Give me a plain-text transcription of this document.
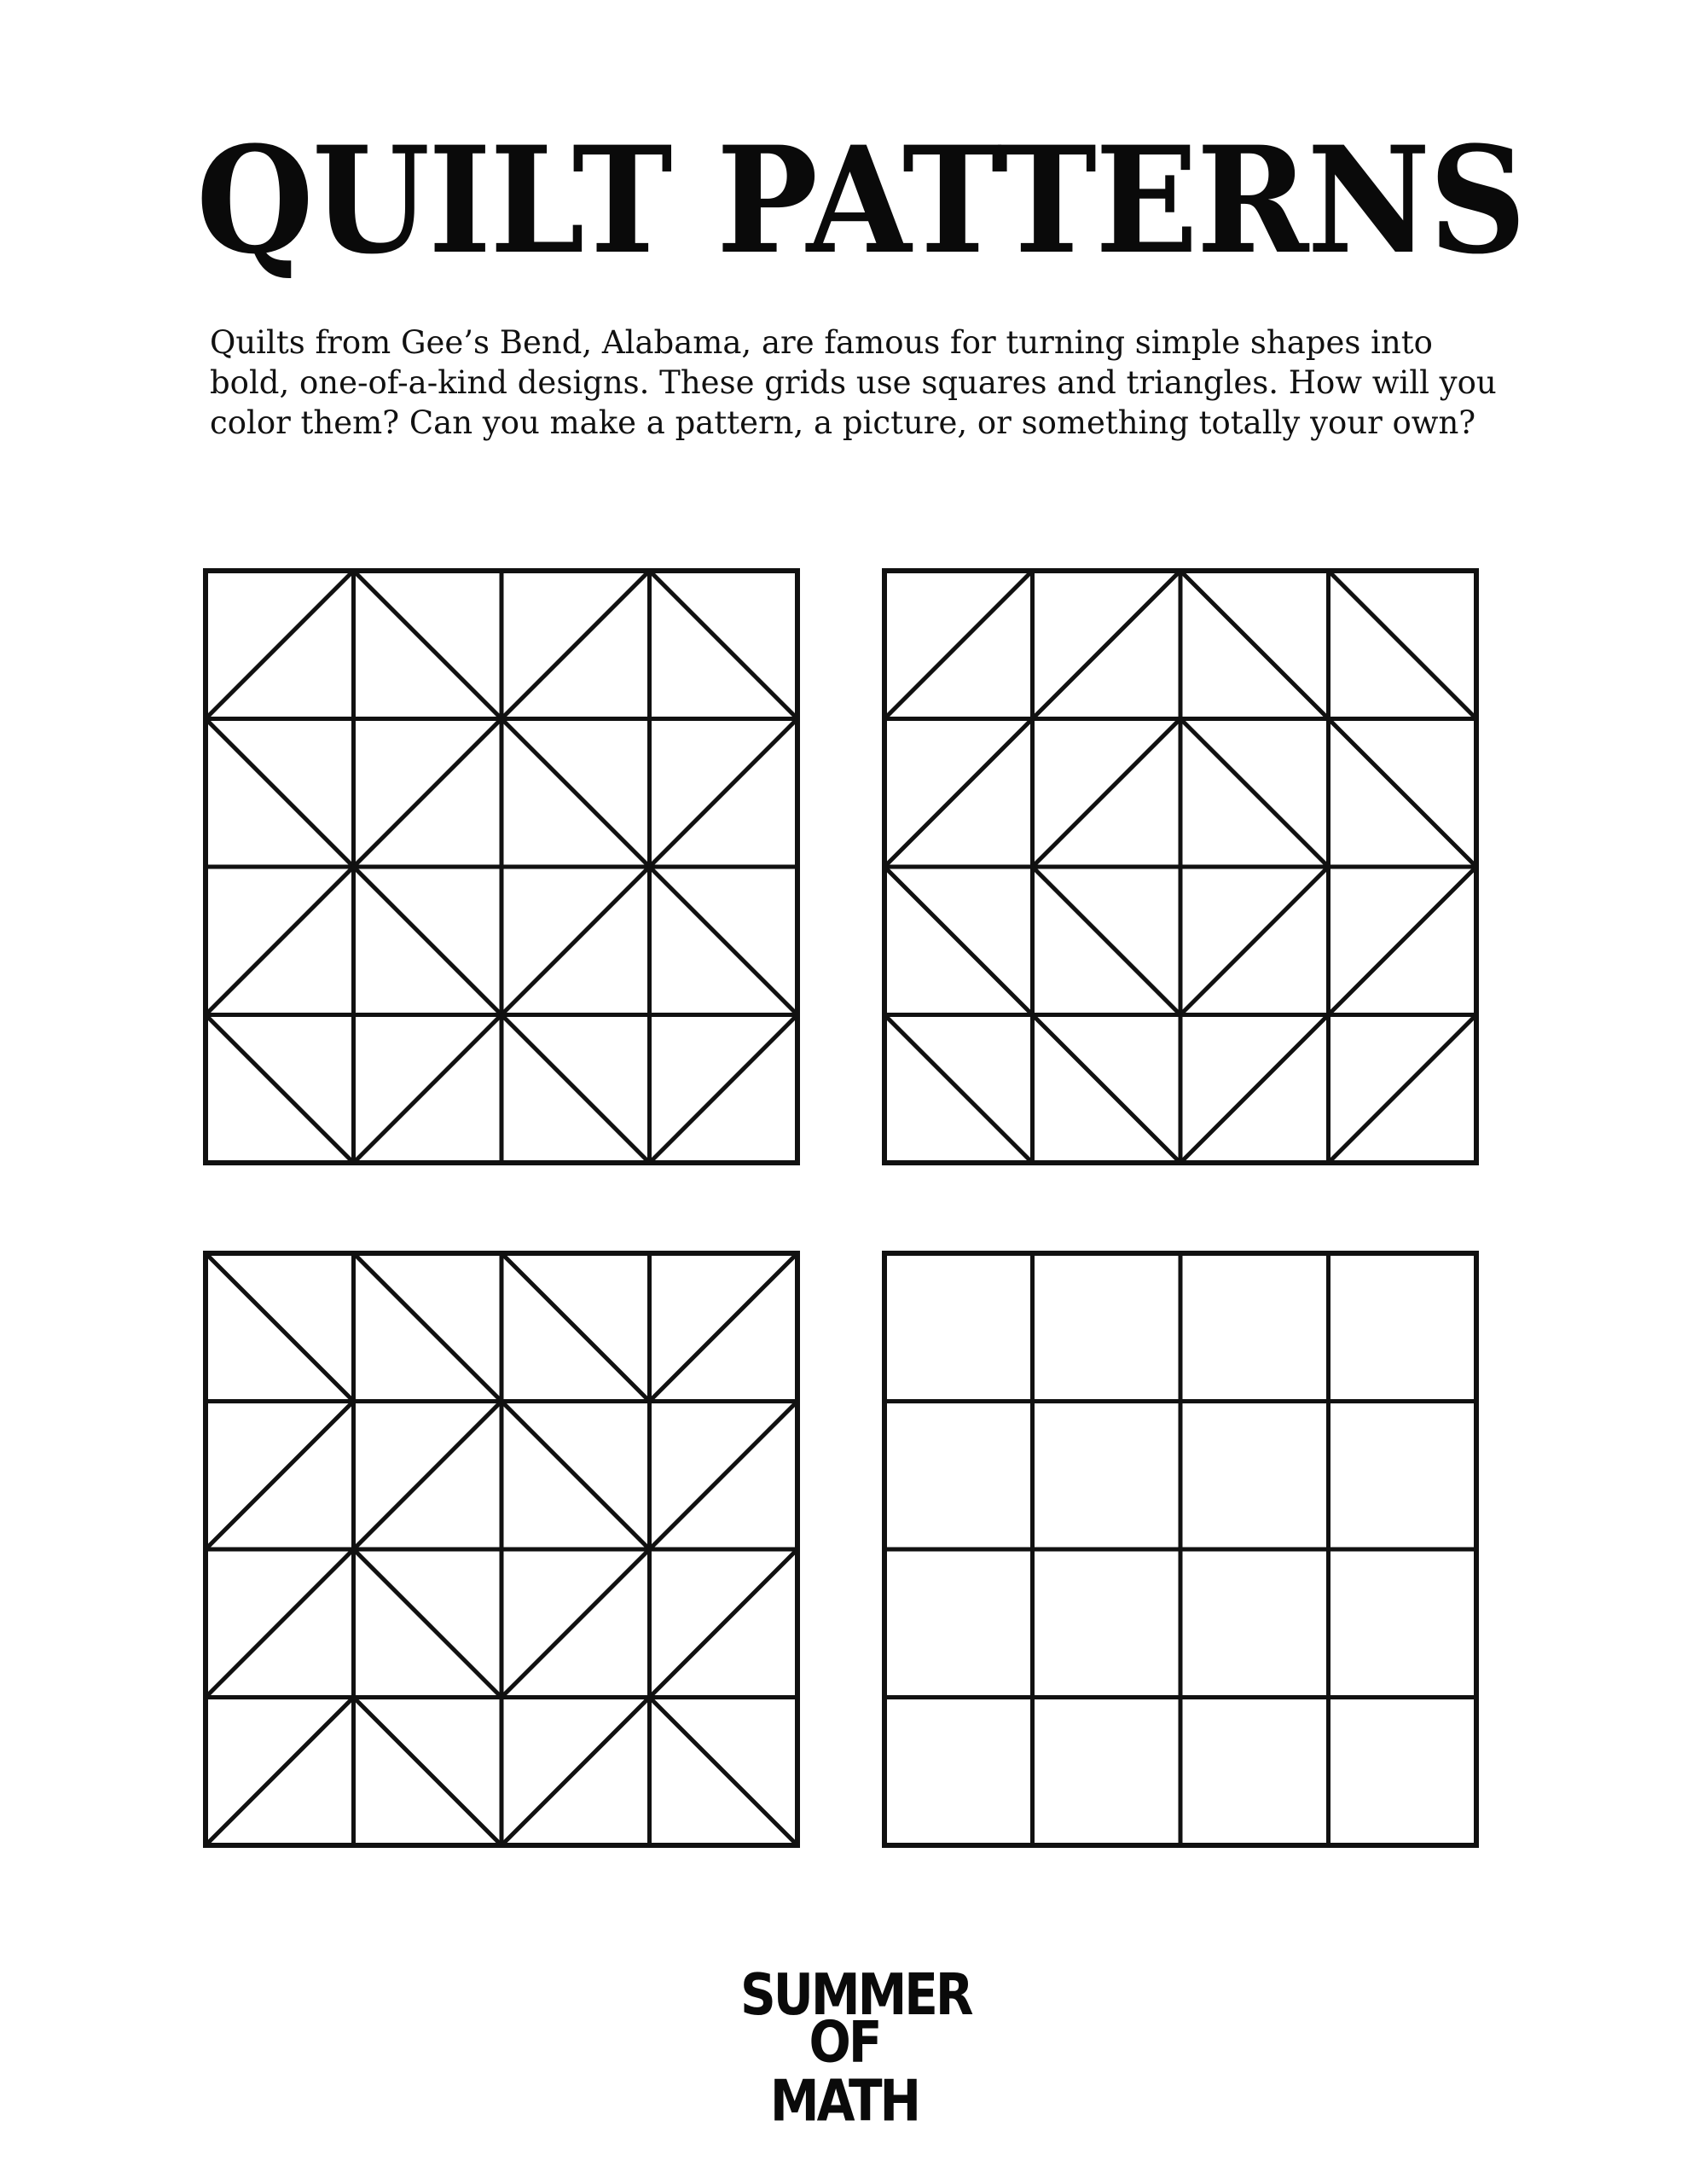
QUILT PATTERNS

Quilts from Gee’s Bend, Alabama, are famous for turning simple shapes into
bold, one-of-a-kind designs. These grids use squares and triangles. How will you
color them? Can you make a pattern, a picture, or something totally your own?

SUMMER
OF MATH
